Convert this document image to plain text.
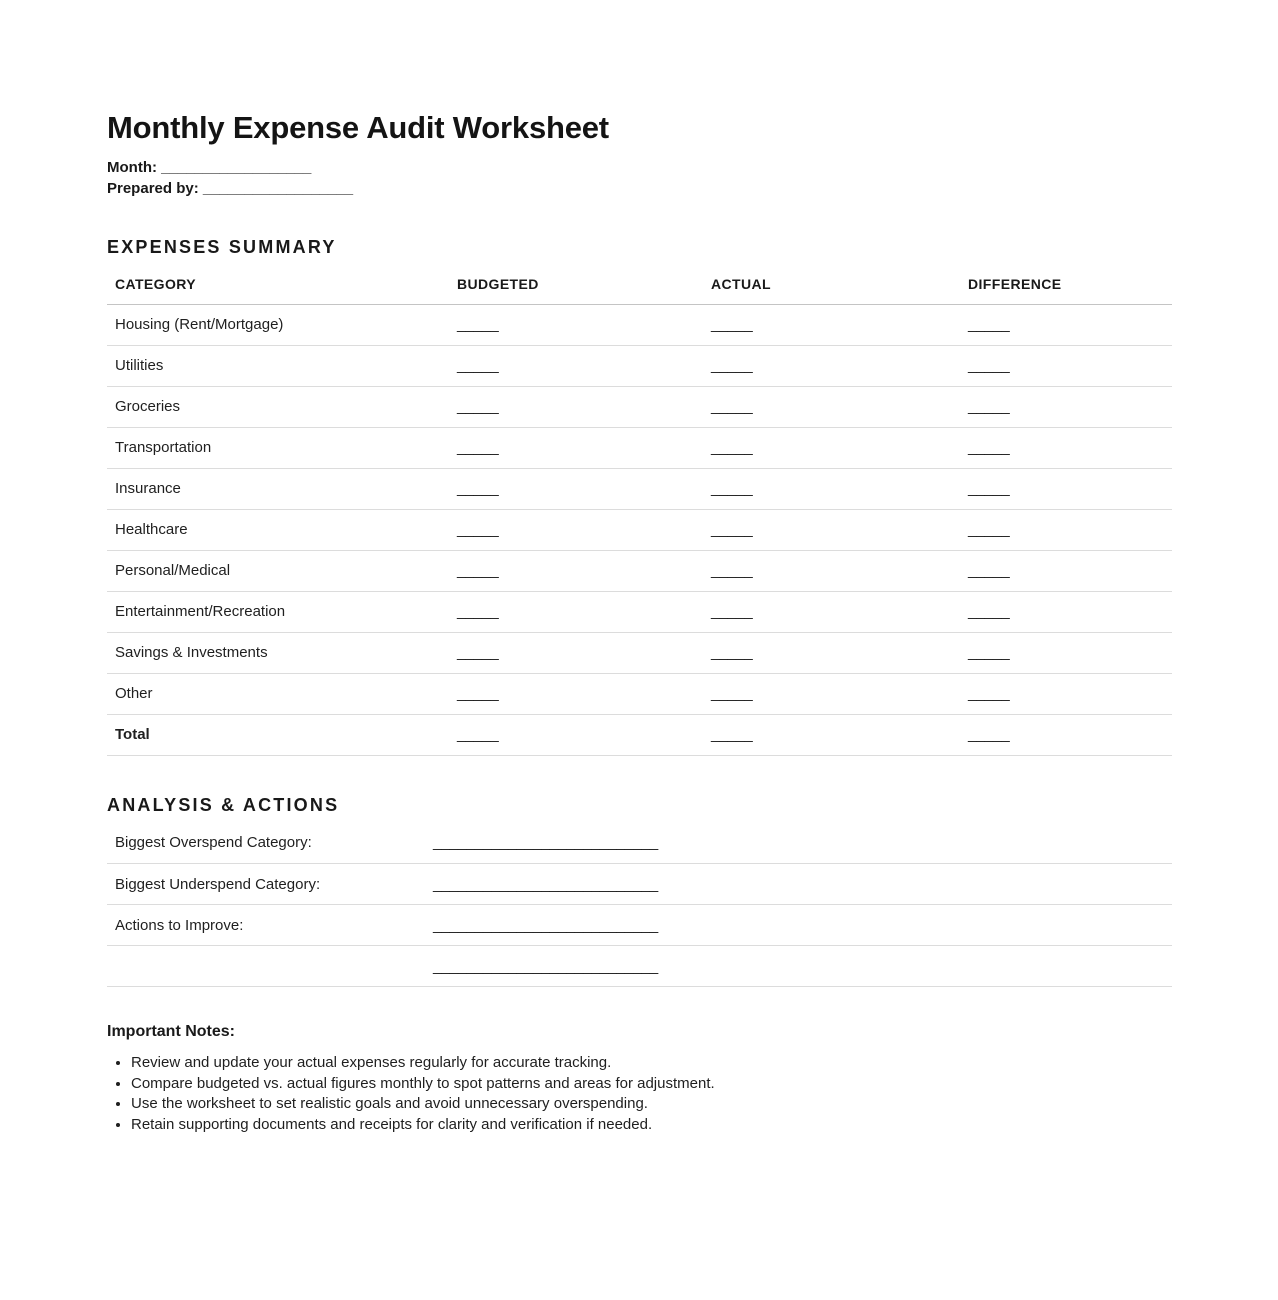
Monthly Expense Audit Worksheet
Month: __________________
Prepared by: __________________
EXPENSES SUMMARY
CATEGORY	BUDGETED	ACTUAL	DIFFERENCE
Housing (Rent/Mortgage)	_____	_____	_____
Utilities	_____	_____	_____
Groceries	_____	_____	_____
Transportation	_____	_____	_____
Insurance	_____	_____	_____
Healthcare	_____	_____	_____
Personal/Medical	_____	_____	_____
Entertainment/Recreation	_____	_____	_____
Savings & Investments	_____	_____	_____
Other	_____	_____	_____
Total	_____	_____	_____
ANALYSIS & ACTIONS
Biggest Overspend Category:	___________________________
Biggest Underspend Category:	___________________________
Actions to Improve:	___________________________
	___________________________
Important Notes:
• Review and update your actual expenses regularly for accurate tracking.
• Compare budgeted vs. actual figures monthly to spot patterns and areas for adjustment.
• Use the worksheet to set realistic goals and avoid unnecessary overspending.
• Retain supporting documents and receipts for clarity and verification if needed.
